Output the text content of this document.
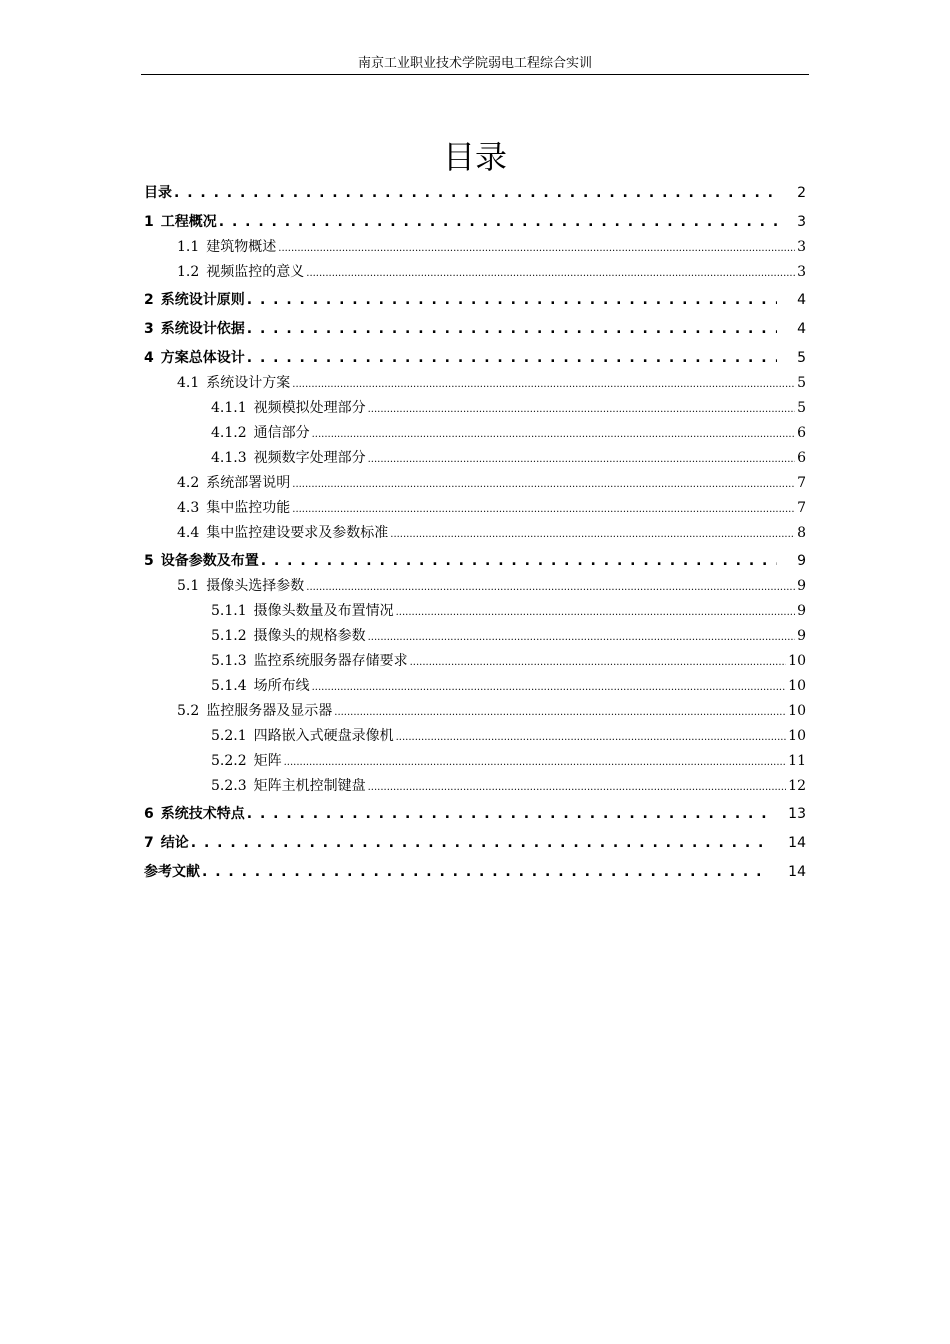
南京工业职业技术学院弱电工程综合实训
目录
目录 . . .	2
1 工程概况 . . .	3
1.1 建筑物概述 .....	3
1.2 视频监控的意义 .....	3
2 系统设计原则 . . .	4
3 系统设计依据 . . .	4
4 方案总体设计 . . .	5
4.1 系统设计方案 .....	5
4.1.1 视频模拟处理部分 .....	5
4.1.2 通信部分 .....	6
4.1.3 视频数字处理部分 .....	6
4.2 系统部署说明 .....	7
4.3 集中监控功能 .....	7
4.4 集中监控建设要求及参数标准 .....	8
5 设备参数及布置 . . .	9
5.1 摄像头选择参数 .....	9
5.1.1 摄像头数量及布置情况 .....	9
5.1.2 摄像头的规格参数 .....	9
5.1.3 监控系统服务器存储要求 .....	10
5.1.4 场所布线 .....	10
5.2 监控服务器及显示器 .....	10
5.2.1 四路嵌入式硬盘录像机 .....	10
5.2.2 矩阵 .....	11
5.2.3 矩阵主机控制键盘 .....	12
6 系统技术特点 . . .	13
7 结论 . . .	14
参考文献 . . .	14
